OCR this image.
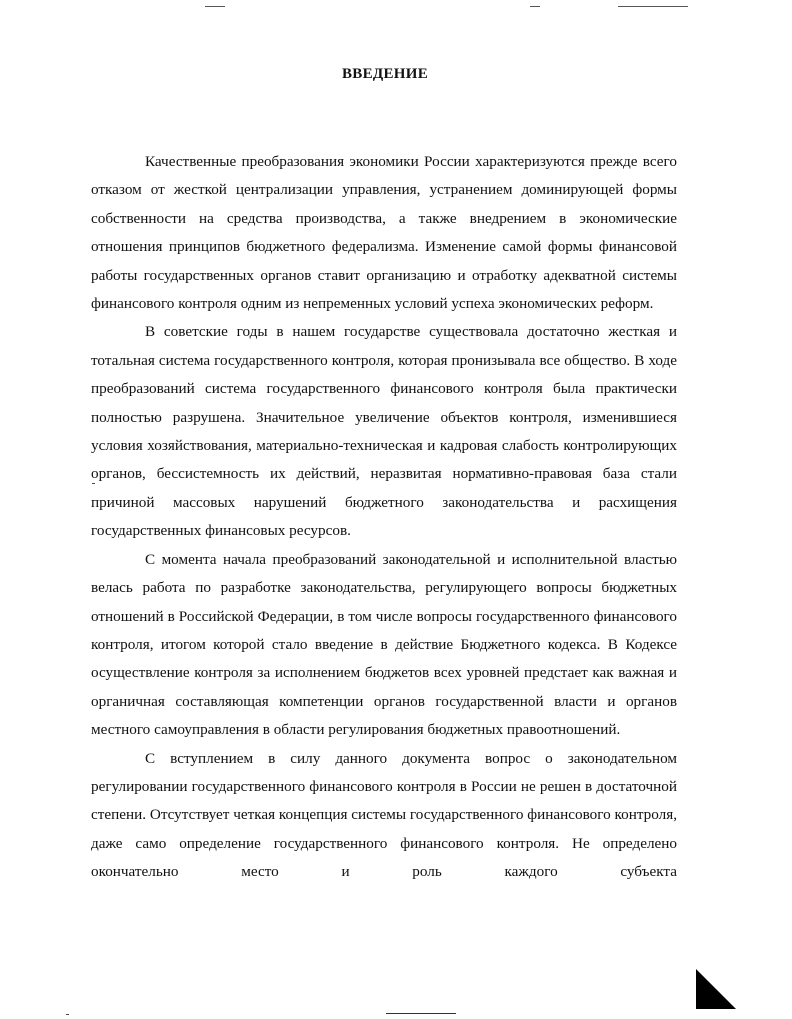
ВВЕДЕНИЕ

Качественные преобразования экономики России характеризуются прежде всего отказом от жесткой централизации управления, устранением доминирующей формы собственности на средства производства, а также внедрением в экономические отношения принципов бюджетного федерализма. Изменение самой формы финансовой работы государственных органов ставит организацию и отработку адекватной системы финансового контроля одним из непременных условий успеха экономических реформ.

В советские годы в нашем государстве существовала достаточно жесткая и тотальная система государственного контроля, которая пронизывала все общество. В ходе преобразований система государственного финансового контроля была практически полностью разрушена. Значительное увеличение объектов контроля, изменившиеся условия хозяйствования, материально-техническая и кадровая слабость контролирующих органов, бессистемность их действий, неразвитая нормативно-правовая база стали причиной массовых нарушений бюджетного законодательства и расхищения государственных финансовых ресурсов.

С момента начала преобразований законодательной и исполнительной властью велась работа по разработке законодательства, регулирующего вопросы бюджетных отношений в Российской Федерации, в том числе вопросы государственного финансового контроля, итогом которой стало введение в действие Бюджетного кодекса. В Кодексе осуществление контроля за исполнением бюджетов всех уровней предстает как важная и органичная составляющая компетенции органов государственной власти и органов местного самоуправления в области регулирования бюджетных правоотношений.

С вступлением в силу данного документа вопрос о законодательном регулировании государственного финансового контроля в России не решен в достаточной степени. Отсутствует четкая концепция системы государственного финансового контроля, даже само определение государственного финансового контроля. Не определено окончательно место и роль каждого субъекта
